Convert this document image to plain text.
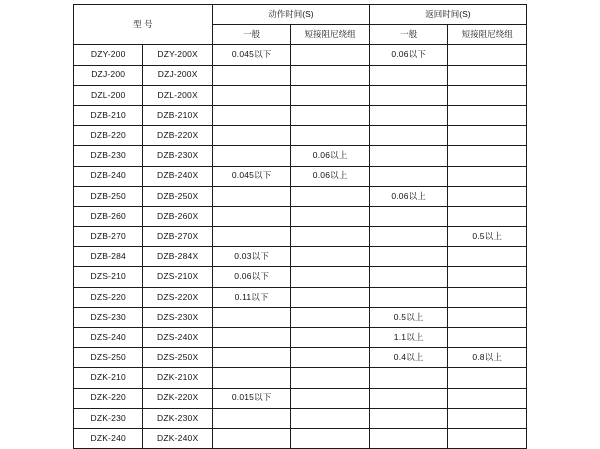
型 号		动作时间(S)		返回时间(S)	
		一般	短接阻尼绕组	一般	短接阻尼绕组
DZY-200	DZY-200X	0.045以下		0.06以下	
DZJ-200	DZJ-200X				
DZL-200	DZL-200X				
DZB-210	DZB-210X				
DZB-220	DZB-220X				
DZB-230	DZB-230X		0.06以上		
DZB-240	DZB-240X	0.045以下	0.06以上		
DZB-250	DZB-250X			0.06以上	
DZB-260	DZB-260X				
DZB-270	DZB-270X				0.5以上
DZB-284	DZB-284X	0.03以下			
DZS-210	DZS-210X	0.06以下			
DZS-220	DZS-220X	0.11以下			
DZS-230	DZS-230X			0.5以上	
DZS-240	DZS-240X			1.1以上	
DZS-250	DZS-250X			0.4以上	0.8以上
DZK-210	DZK-210X				
DZK-220	DZK-220X	0.015以下			
DZK-230	DZK-230X				
DZK-240	DZK-240X				
